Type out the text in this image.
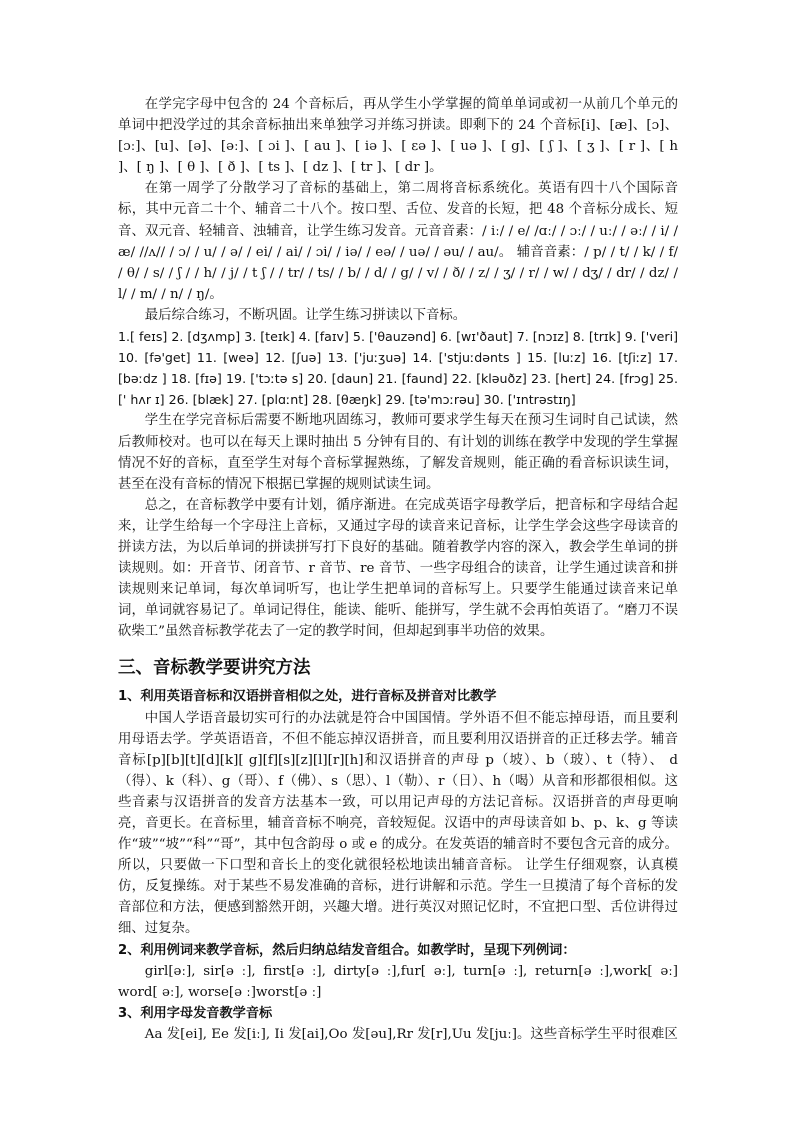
在学完字母中包含的 24 个音标后，再从学生小学掌握的简单单词或初一从前几个单元的单词中把没学过的其余音标抽出来单独学习并练习拼读。即剩下的 24 个音标[i]、[æ]、[ɔ]、[ɔː]、[u]、[ə]、[əː]、[ ɔi ]、[ au ]、[ iə ]、[ εə ]、[ uə ]、[ g]、[ ʃ ]、[ ʒ ]、[ r ]、[ h ]、[ ŋ ]、[ θ ]、[ ð ]、[ ts ]、[ dz ]、[ tr ]、[ dr ]。

在第一周学了分散学习了音标的基础上，第二周将音标系统化。英语有四十八个国际音标，其中元音二十个、辅音二十八个。按口型、舌位、发音的长短，把 48 个音标分成长、短音、双元音、轻辅音、浊辅音，让学生练习发音。元音音素：/ iː/ / e/ /ɑː/ / ɔː/ / uː/ / əː/ / i/ / æ/ //ʌ// / ɔ/ / u/ / ə/ / ei/ / ai/ / ɔi/ / iə/ / eə/ / uə/ / əu/ / au/。 辅音音素：/ p/ / t/ / k/ / f/ / θ/ / s/ / ʃ / / h/ / j/ / t ʃ / / tr/ / ts/ / b/ / d/ / g/ / v/ / ð/ / z/ / ʒ/ / r/ / w/ / dʒ/ / dr/ / dz/ / l/ / m/ / n/ / ŋ/。

最后综合练习，不断巩固。让学生练习拼读以下音标。

1.[ feɪs] 2. [dʒʌmp] 3. [teɪk] 4. [faɪv] 5. ['θauzənd] 6. [wɪ'ðaut] 7. [nɔɪz] 8. [trɪk] 9. ['veri] 10. [fə'get] 11. [weə] 12. [ʃuə] 13. ['juːʒuə] 14. ['stjuːdənts ] 15. [luːz] 16. [tʃiːz] 17. [bəːdz ] 18. [fɪə] 19. ['tɔːtə s] 20. [daun] 21. [faund] 22. [kləuðz] 23. [hert] 24. [frɔg] 25. [' hʌr ɪ] 26. [blæk] 27. [plɑːnt] 28. [θæŋk] 29. [tə'mɔːrəu] 30. ['ɪntrəstɪŋ]

学生在学完音标后需要不断地巩固练习，教师可要求学生每天在预习生词时自己试读，然后教师校对。也可以在每天上课时抽出 5 分钟有目的、有计划的训练在教学中发现的学生掌握情况不好的音标，直至学生对每个音标掌握熟练，了解发音规则，能正确的看音标识读生词，甚至在没有音标的情况下根据已掌握的规则试读生词。

总之，在音标教学中要有计划，循序渐进。在完成英语字母教学后，把音标和字母结合起来，让学生给每一个字母注上音标，又通过字母的读音来记音标，让学生学会这些字母读音的拼读方法，为以后单词的拼读拼写打下良好的基础。随着教学内容的深入，教会学生单词的拼读规则。如：开音节、闭音节、r 音节、re 音节、一些字母组合的读音，让学生通过读音和拼读规则来记单词，每次单词听写，也让学生把单词的音标写上。只要学生能通过读音来记单词，单词就容易记了。单词记得住，能读、能听、能拼写，学生就不会再怕英语了。“磨刀不误砍柴工”虽然音标教学花去了一定的教学时间，但却起到事半功倍的效果。

三、音标教学要讲究方法
1、利用英语音标和汉语拼音相似之处，进行音标及拼音对比教学

中国人学语音最切实可行的办法就是符合中国国情。学外语不但不能忘掉母语，而且要利用母语去学。学英语语音，不但不能忘掉汉语拼音，而且要利用汉语拼音的正迁移去学。辅音音标[p][b][t][d][k][ g][f][s][z][l][r][h]和汉语拼音的声母 p（坡）、b（玻）、t（特）、 d（得）、k（科）、g（哥）、f（佛）、s（思）、l（勒）、r（日）、h（喝）从音和形都很相似。这些音素与汉语拼音的发音方法基本一致，可以用记声母的方法记音标。汉语拼音的声母更响亮，音更长。在音标里，辅音音标不响亮，音较短促。汉语中的声母读音如 b、p、k、g 等读作“玻”“坡”“科”“哥”，其中包含韵母 o 或 e 的成分。在发英语的辅音时不要包含元音的成分。所以，只要做一下口型和音长上的变化就很轻松地读出辅音音标。 让学生仔细观察，认真模仿，反复操练。对于某些不易发准确的音标，进行讲解和示范。学生一旦摸清了每个音标的发音部位和方法，便感到豁然开朗，兴趣大增。进行英汉对照记忆时，不宜把口型、舌位讲得过细、过复杂。

2、利用例词来教学音标，然后归纳总结发音组合。如教学时，呈现下列例词：

girl[əː], sir[ə ː], first[ə ː], dirty[ə ː],fur[ əː], turn[ə ː], return[ə ː],work[ əː] word[ əː], worse[ə ː]worst[ə ː]

3、利用字母发音教学音标

Aa 发[ei], Ee 发[iː], Ii 发[ai],Oo 发[əu],Rr 发[r],Uu 发[juː]。这些音标学生平时很难区
